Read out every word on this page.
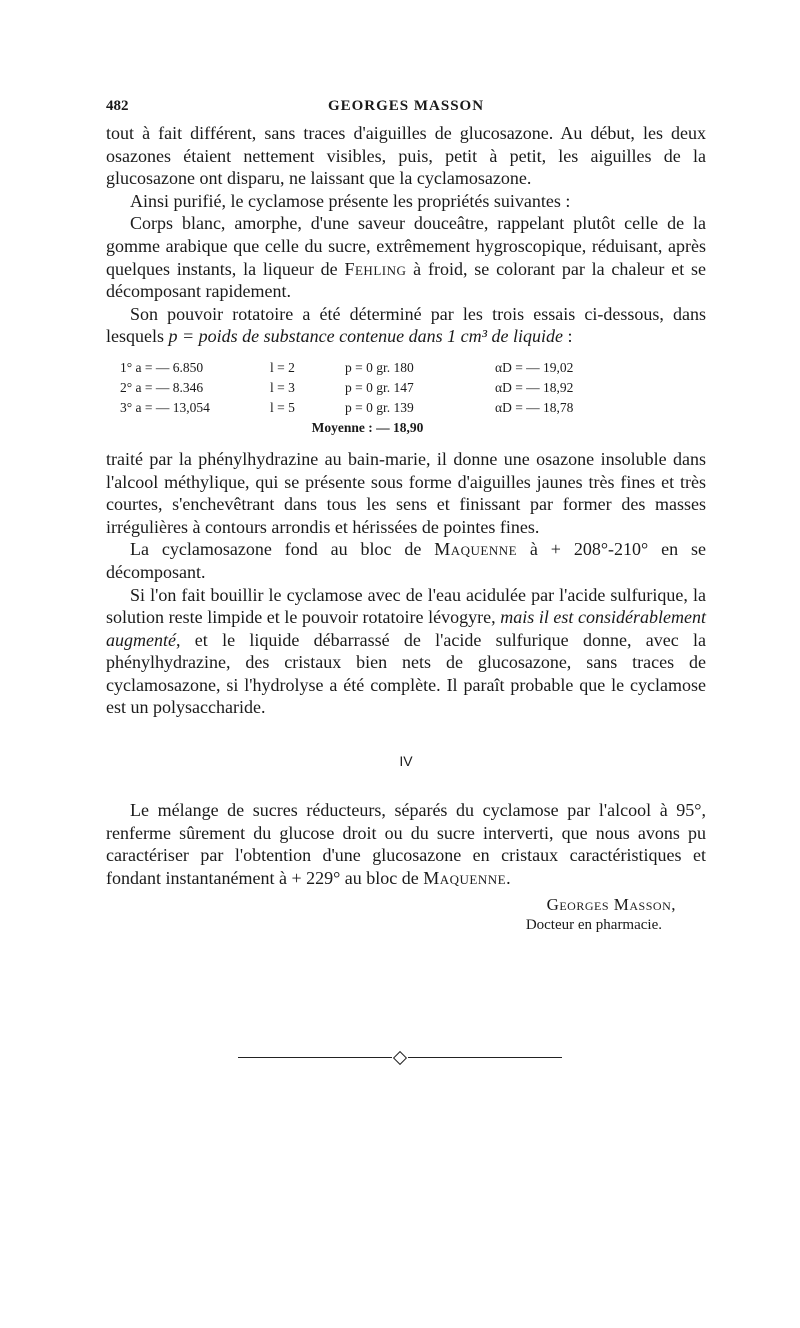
482	GEORGES MASSON

tout à fait différent, sans traces d'aiguilles de glucosazone. Au début, les deux osazones étaient nettement visibles, puis, petit à petit, les aiguilles de la glucosazone ont disparu, ne laissant que la cyclamosazone.

Ainsi purifié, le cyclamose présente les propriétés suivantes :

Corps blanc, amorphe, d'une saveur douceâtre, rappelant plutôt celle de la gomme arabique que celle du sucre, extrêmement hygroscopique, réduisant, après quelques instants, la liqueur de Fehling à froid, se colorant par la chaleur et se décomposant rapidement.

Son pouvoir rotatoire a été déterminé par les trois essais ci-dessous, dans lesquels p = poids de substance contenue dans 1 cm³ de liquide :

1° a = — 6.850	l = 2	p = 0 gr. 180	αD = — 19,02
2° a = — 8.346	l = 3	p = 0 gr. 147	αD = — 18,92
3° a = — 13,054	l = 5	p = 0 gr. 139	αD = — 18,78
Moyenne : — 18,90			

traité par la phénylhydrazine au bain-marie, il donne une osazone insoluble dans l'alcool méthylique, qui se présente sous forme d'aiguilles jaunes très fines et très courtes, s'enchevêtrant dans tous les sens et finissant par former des masses irrégulières à contours arrondis et hérissées de pointes fines.

La cyclamosazone fond au bloc de Maquenne à + 208°-210° en se décomposant.

Si l'on fait bouillir le cyclamose avec de l'eau acidulée par l'acide sulfurique, la solution reste limpide et le pouvoir rotatoire lévogyre, mais il est considérablement augmenté, et le liquide débarrassé de l'acide sulfurique donne, avec la phénylhydrazine, des cristaux bien nets de glucosazone, sans traces de cyclamosazone, si l'hydrolyse a été complète. Il paraît probable que le cyclamose est un polysaccharide.

IV

Le mélange de sucres réducteurs, séparés du cyclamose par l'alcool à 95°, renferme sûrement du glucose droit ou du sucre interverti, que nous avons pu caractériser par l'obtention d'une glucosazone en cristaux caractéristiques et fondant instantanément à + 229° au bloc de Maquenne.

Georges Masson,
Docteur en pharmacie.
